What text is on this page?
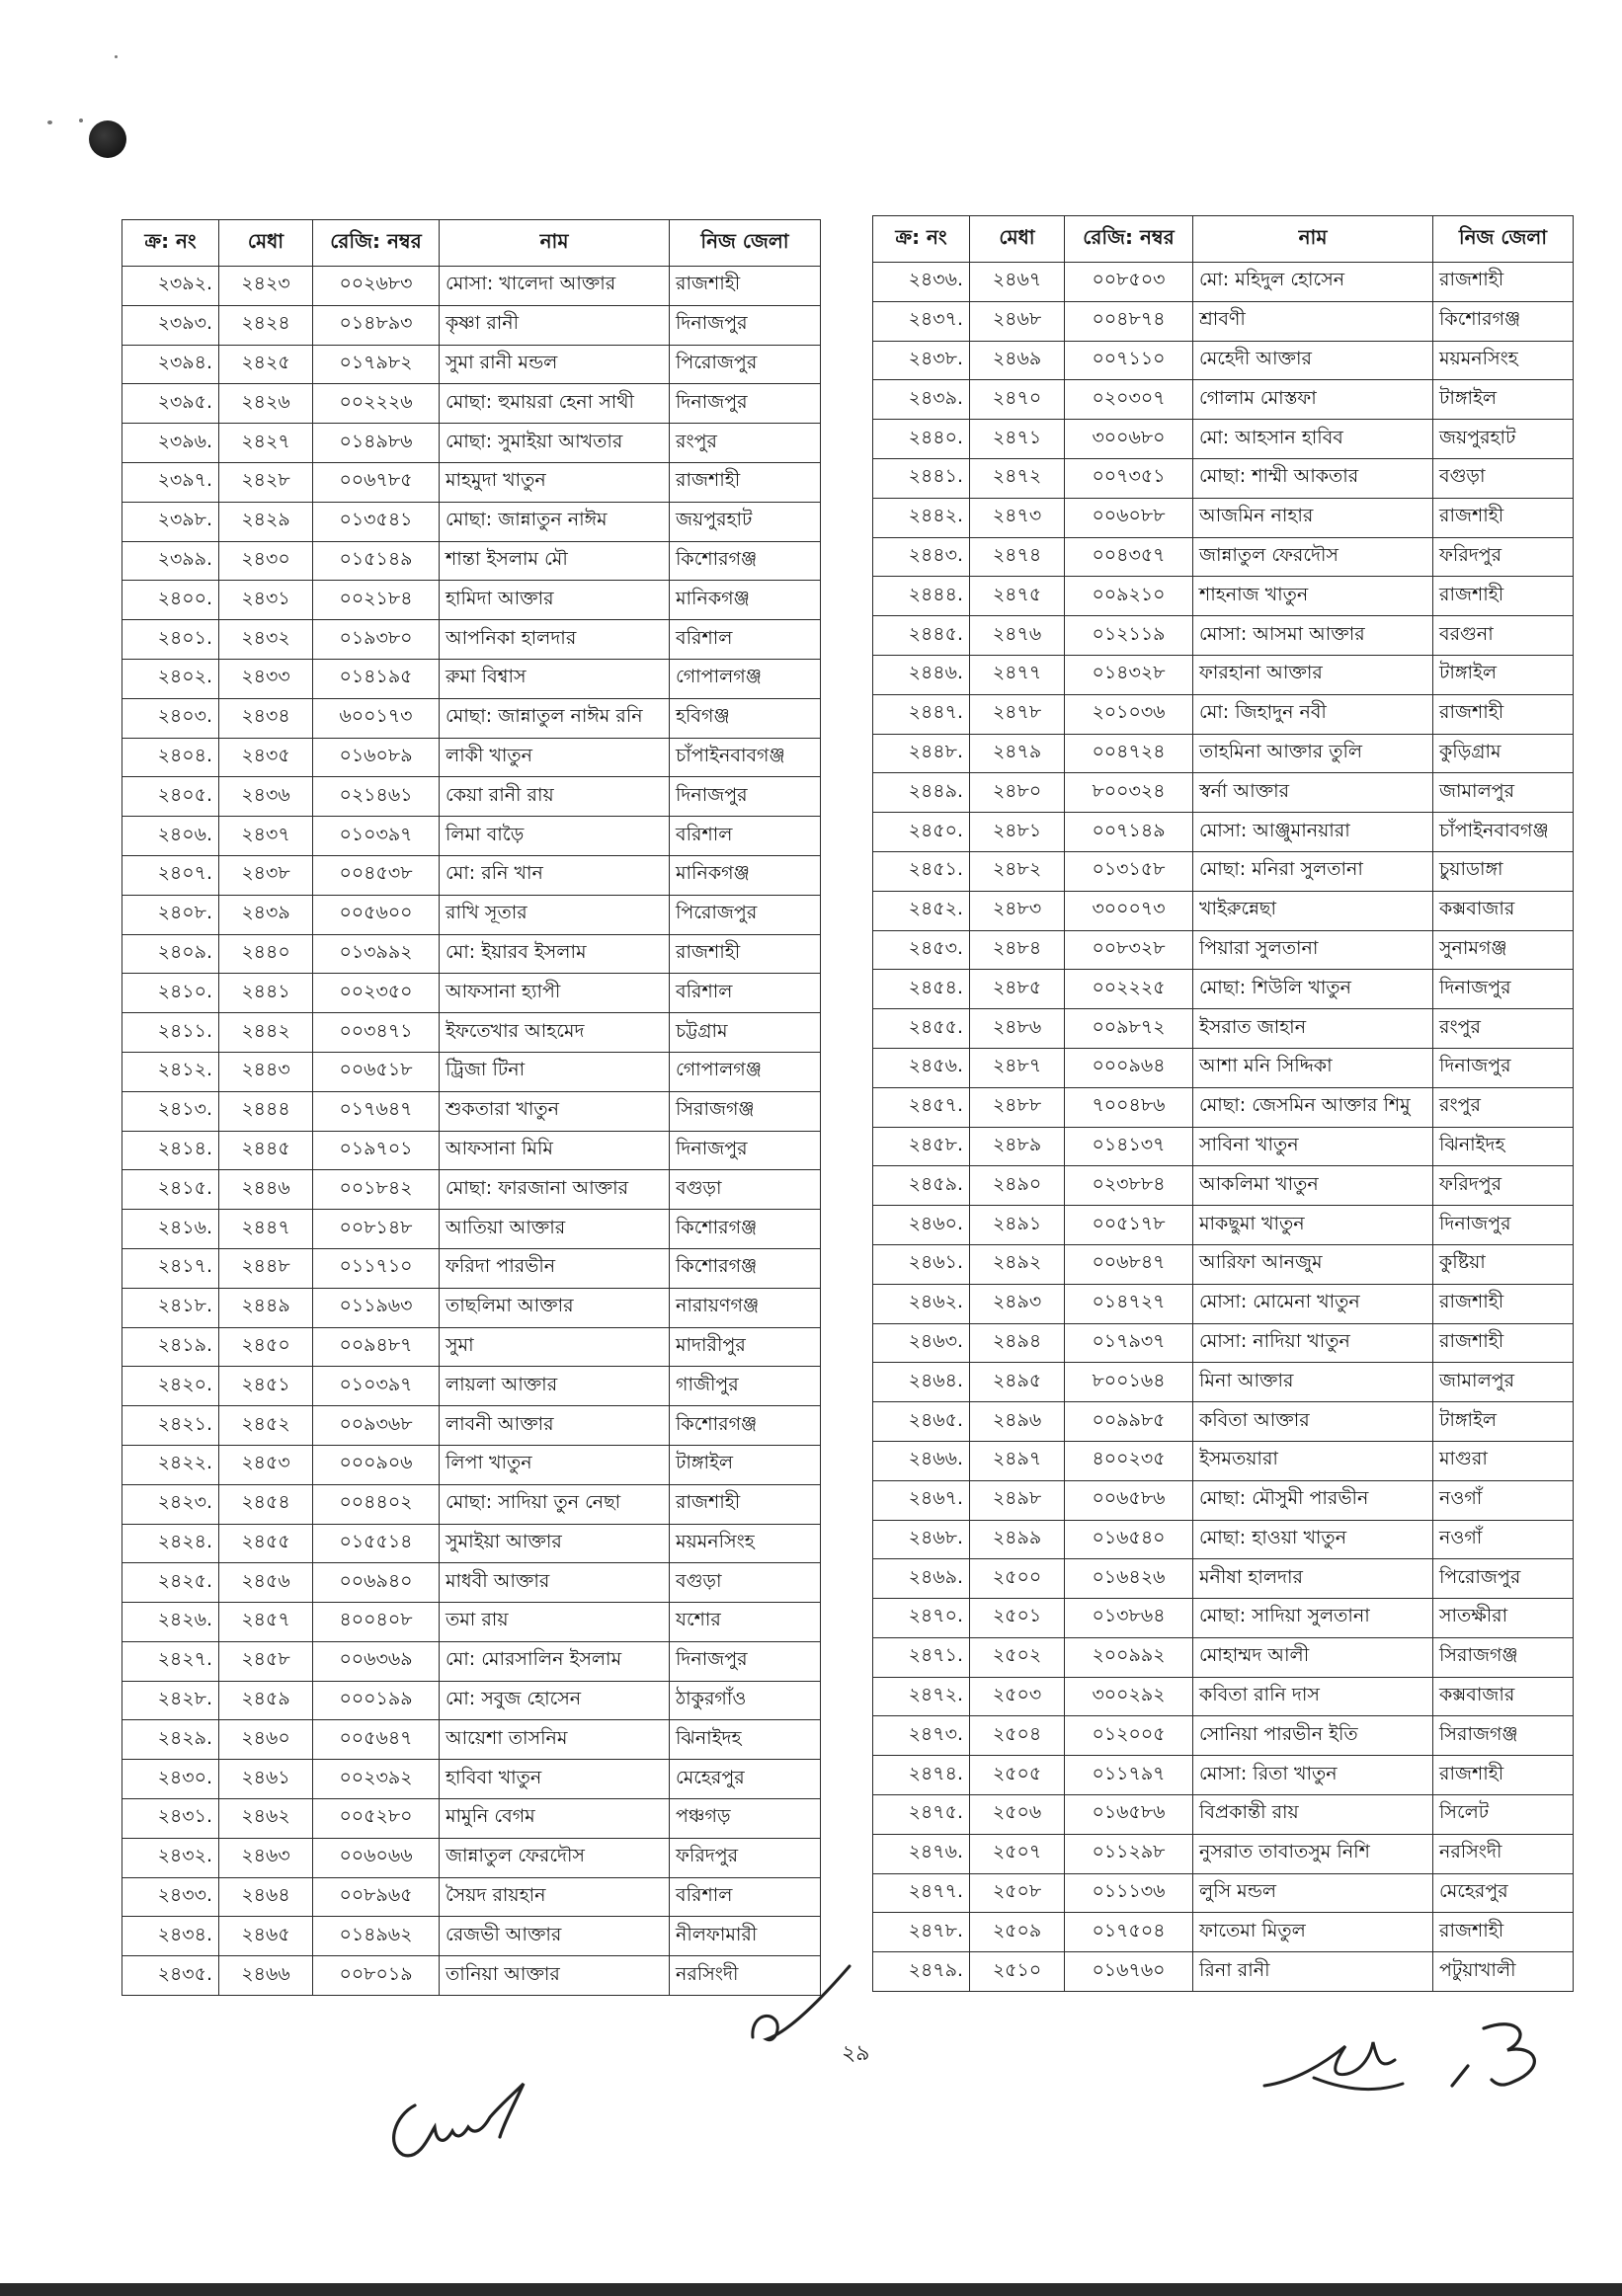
ক্র: নং	মেধা	রেজি: নম্বর	নাম	নিজ জেলা
২৩৯২.	২৪২৩	০০২৬৮৩	মোসা: খালেদা আক্তার	রাজশাহী
২৩৯৩.	২৪২৪	০১৪৮৯৩	কৃষ্ণা রানী	দিনাজপুর
২৩৯৪.	২৪২৫	০১৭৯৮২	সুমা রানী মন্ডল	পিরোজপুর
২৩৯৫.	২৪২৬	০০২২২৬	মোছা: হুমায়রা হেনা সাথী	দিনাজপুর
২৩৯৬.	২৪২৭	০১৪৯৮৬	মোছা: সুমাইয়া আখতার	রংপুর
২৩৯৭.	২৪২৮	০০৬৭৮৫	মাহমুদা খাতুন	রাজশাহী
২৩৯৮.	২৪২৯	০১৩৫৪১	মোছা: জান্নাতুন নাঈম	জয়পুরহাট
২৩৯৯.	২৪৩০	০১৫১৪৯	শান্তা ইসলাম মৌ	কিশোরগঞ্জ
২৪০০.	২৪৩১	০০২১৮৪	হামিদা আক্তার	মানিকগঞ্জ
২৪০১.	২৪৩২	০১৯৩৮০	আপনিকা হালদার	বরিশাল
২৪০২.	২৪৩৩	০১৪১৯৫	রুমা বিশ্বাস	গোপালগঞ্জ
২৪০৩.	২৪৩৪	৬০০১৭৩	মোছা: জান্নাতুল নাঈম রনি	হবিগঞ্জ
২৪০৪.	২৪৩৫	০১৬০৮৯	লাকী খাতুন	চাঁপাইনবাবগঞ্জ
২৪০৫.	২৪৩৬	০২১৪৬১	কেয়া রানী রায়	দিনাজপুর
২৪০৬.	২৪৩৭	০১০৩৯৭	লিমা বাড়ৈ	বরিশাল
২৪০৭.	২৪৩৮	০০৪৫৩৮	মো: রনি খান	মানিকগঞ্জ
২৪০৮.	২৪৩৯	০০৫৬০০	রাখি সূতার	পিরোজপুর
২৪০৯.	২৪৪০	০১৩৯৯২	মো: ইয়ারব ইসলাম	রাজশাহী
২৪১০.	২৪৪১	০০২৩৫০	আফসানা হ্যাপী	বরিশাল
২৪১১.	২৪৪২	০০৩৪৭১	ইফতেখার আহমেদ	চট্টগ্রাম
২৪১২.	২৪৪৩	০০৬৫১৮	ট্রিজা টিনা	গোপালগঞ্জ
২৪১৩.	২৪৪৪	০১৭৬৪৭	শুকতারা খাতুন	সিরাজগঞ্জ
২৪১৪.	২৪৪৫	০১৯৭০১	আফসানা মিমি	দিনাজপুর
২৪১৫.	২৪৪৬	০০১৮৪২	মোছা: ফারজানা আক্তার	বগুড়া
২৪১৬.	২৪৪৭	০০৮১৪৮	আতিয়া আক্তার	কিশোরগঞ্জ
২৪১৭.	২৪৪৮	০১১৭১০	ফরিদা পারভীন	কিশোরগঞ্জ
২৪১৮.	২৪৪৯	০১১৯৬৩	তাছলিমা আক্তার	নারায়ণগঞ্জ
২৪১৯.	২৪৫০	০০৯৪৮৭	সুমা	মাদারীপুর
২৪২০.	২৪৫১	০১০৩৯৭	লায়লা আক্তার	গাজীপুর
২৪২১.	২৪৫২	০০৯৩৬৮	লাবনী আক্তার	কিশোরগঞ্জ
২৪২২.	২৪৫৩	০০০৯০৬	লিপা খাতুন	টাঙ্গাইল
২৪২৩.	২৪৫৪	০০৪৪০২	মোছা: সাদিয়া তুন নেছা	রাজশাহী
২৪২৪.	২৪৫৫	০১৫৫১৪	সুমাইয়া আক্তার	ময়মনসিংহ
২৪২৫.	২৪৫৬	০০৬৯৪০	মাধবী আক্তার	বগুড়া
২৪২৬.	২৪৫৭	৪০০৪০৮	তমা রায়	যশোর
২৪২৭.	২৪৫৮	০০৬৩৬৯	মো: মোরসালিন ইসলাম	দিনাজপুর
২৪২৮.	২৪৫৯	০০০১৯৯	মো: সবুজ হোসেন	ঠাকুরগাঁও
২৪২৯.	২৪৬০	০০৫৬৪৭	আয়েশা তাসনিম	ঝিনাইদহ
২৪৩০.	২৪৬১	০০২৩৯২	হাবিবা খাতুন	মেহেরপুর
২৪৩১.	২৪৬২	০০৫২৮০	মামুনি বেগম	পঞ্চগড়
২৪৩২.	২৪৬৩	০০৬০৬৬	জান্নাতুল ফেরদৌস	ফরিদপুর
২৪৩৩.	২৪৬৪	০০৮৯৬৫	সৈয়দ রায়হান	বরিশাল
২৪৩৪.	২৪৬৫	০১৪৯৬২	রেজভী আক্তার	নীলফামারী
২৪৩৫.	২৪৬৬	০০৮০১৯	তানিয়া আক্তার	নরসিংদী
ক্র: নং	মেধা	রেজি: নম্বর	নাম	নিজ জেলা
২৪৩৬.	২৪৬৭	০০৮৫০৩	মো: মহিদুল হোসেন	রাজশাহী
২৪৩৭.	২৪৬৮	০০৪৮৭৪	শ্রাবণী	কিশোরগঞ্জ
২৪৩৮.	২৪৬৯	০০৭১১০	মেহেদী আক্তার	ময়মনসিংহ
২৪৩৯.	২৪৭০	০২০৩০৭	গোলাম মোস্তফা	টাঙ্গাইল
২৪৪০.	২৪৭১	৩০০৬৮০	মো: আহসান হাবিব	জয়পুরহাট
২৪৪১.	২৪৭২	০০৭৩৫১	মোছা: শাম্মী আকতার	বগুড়া
২৪৪২.	২৪৭৩	০০৬০৮৮	আজমিন নাহার	রাজশাহী
২৪৪৩.	২৪৭৪	০০৪৩৫৭	জান্নাতুল ফেরদৌস	ফরিদপুর
২৪৪৪.	২৪৭৫	০০৯২১০	শাহনাজ খাতুন	রাজশাহী
২৪৪৫.	২৪৭৬	০১২১১৯	মোসা: আসমা আক্তার	বরগুনা
২৪৪৬.	২৪৭৭	০১৪৩২৮	ফারহানা আক্তার	টাঙ্গাইল
২৪৪৭.	২৪৭৮	২০১০৩৬	মো: জিহাদুন নবী	রাজশাহী
২৪৪৮.	২৪৭৯	০০৪৭২৪	তাহমিনা আক্তার তুলি	কুড়িগ্রাম
২৪৪৯.	২৪৮০	৮০০৩২৪	স্বর্না আক্তার	জামালপুর
২৪৫০.	২৪৮১	০০৭১৪৯	মোসা: আঞ্জুমানয়ারা	চাঁপাইনবাবগঞ্জ
২৪৫১.	২৪৮২	০১৩১৫৮	মোছা: মনিরা সুলতানা	চুয়াডাঙ্গা
২৪৫২.	২৪৮৩	৩০০০৭৩	খাইরুন্নেছা	কক্সবাজার
২৪৫৩.	২৪৮৪	০০৮৩২৮	পিয়ারা সুলতানা	সুনামগঞ্জ
২৪৫৪.	২৪৮৫	০০২২২৫	মোছা: শিউলি খাতুন	দিনাজপুর
২৪৫৫.	২৪৮৬	০০৯৮৭২	ইসরাত জাহান	রংপুর
২৪৫৬.	২৪৮৭	০০০৯৬৪	আশা মনি সিদ্দিকা	দিনাজপুর
২৪৫৭.	২৪৮৮	৭০০৪৮৬	মোছা: জেসমিন আক্তার শিমু	রংপুর
২৪৫৮.	২৪৮৯	০১৪১৩৭	সাবিনা খাতুন	ঝিনাইদহ
২৪৫৯.	২৪৯০	০২৩৮৮৪	আকলিমা খাতুন	ফরিদপুর
২৪৬০.	২৪৯১	০০৫১৭৮	মাকছুমা খাতুন	দিনাজপুর
২৪৬১.	২৪৯২	০০৬৮৪৭	আরিফা আনজুম	কুষ্টিয়া
২৪৬২.	২৪৯৩	০১৪৭২৭	মোসা: মোমেনা খাতুন	রাজশাহী
২৪৬৩.	২৪৯৪	০১৭৯৩৭	মোসা: নাদিয়া খাতুন	রাজশাহী
২৪৬৪.	২৪৯৫	৮০০১৬৪	মিনা আক্তার	জামালপুর
২৪৬৫.	২৪৯৬	০০৯৯৮৫	কবিতা আক্তার	টাঙ্গাইল
২৪৬৬.	২৪৯৭	৪০০২৩৫	ইসমতয়ারা	মাগুরা
২৪৬৭.	২৪৯৮	০০৬৫৮৬	মোছা: মৌসুমী পারভীন	নওগাঁ
২৪৬৮.	২৪৯৯	০১৬৫৪০	মোছা: হাওয়া খাতুন	নওগাঁ
২৪৬৯.	২৫০০	০১৬৪২৬	মনীষা হালদার	পিরোজপুর
২৪৭০.	২৫০১	০১৩৮৬৪	মোছা: সাদিয়া সুলতানা	সাতক্ষীরা
২৪৭১.	২৫০২	২০০৯৯২	মোহাম্মদ আলী	সিরাজগঞ্জ
২৪৭২.	২৫০৩	৩০০২৯২	কবিতা রানি দাস	কক্সবাজার
২৪৭৩.	২৫০৪	০১২০০৫	সোনিয়া পারভীন ইতি	সিরাজগঞ্জ
২৪৭৪.	২৫০৫	০১১৭৯৭	মোসা: রিতা খাতুন	রাজশাহী
২৪৭৫.	২৫০৬	০১৬৫৮৬	বিপ্রকান্তী রায়	সিলেট
২৪৭৬.	২৫০৭	০১১২৯৮	নুসরাত তাবাতসুম নিশি	নরসিংদী
২৪৭৭.	২৫০৮	০১১১৩৬	লুসি মন্ডল	মেহেরপুর
২৪৭৮.	২৫০৯	০১৭৫০৪	ফাতেমা মিতুল	রাজশাহী
২৪৭৯.	২৫১০	০১৬৭৬০	রিনা রানী	পটুয়াখালী
২৯
